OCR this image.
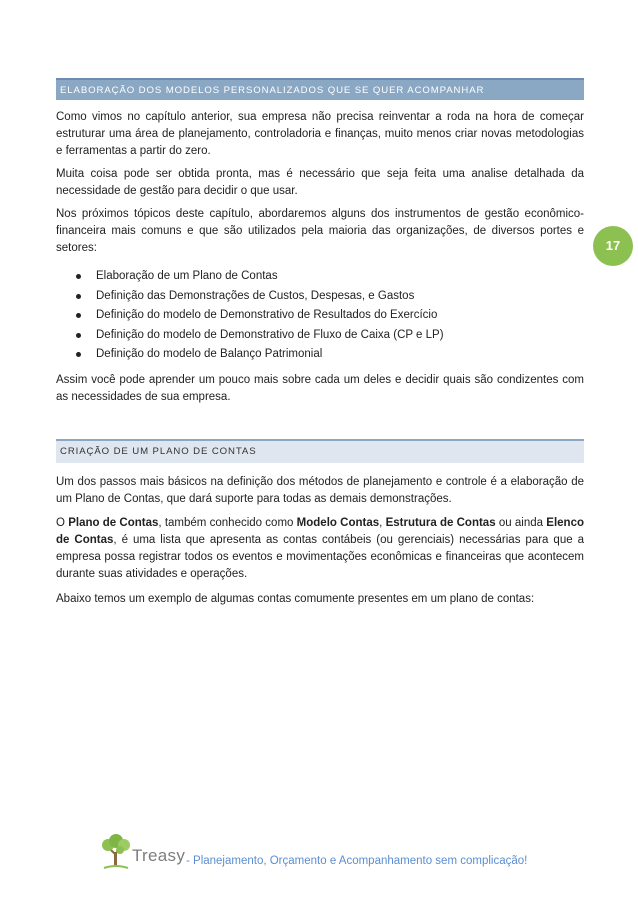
ELABORAÇÃO DOS MODELOS PERSONALIZADOS QUE SE QUER ACOMPANHAR

Como vimos no capítulo anterior, sua empresa não precisa reinventar a roda na hora de começar estruturar uma área de planejamento, controladoria e finanças, muito menos criar novas metodologias e ferramentas a partir do zero.

Muita coisa pode ser obtida pronta, mas é necessário que seja feita uma analise detalhada da necessidade de gestão para decidir o que usar.

Nos próximos tópicos deste capítulo, abordaremos alguns dos instrumentos de gestão econômico-financeira mais comuns e que são utilizados pela maioria das organizações, de diversos portes e setores:

Elaboração de um Plano de Contas
Definição das Demonstrações de Custos, Despesas, e Gastos
Definição do modelo de Demonstrativo de Resultados do Exercício
Definição do modelo de Demonstrativo de Fluxo de Caixa (CP e LP)
Definição do modelo de Balanço Patrimonial

Assim você pode aprender um pouco mais sobre cada um deles e decidir quais são condizentes com as necessidades de sua empresa.

17
CRIAÇÃO DE UM PLANO DE CONTAS

Um dos passos mais básicos na definição dos métodos de planejamento e controle é a elaboração de um Plano de Contas, que dará suporte para todas as demais demonstrações.

O Plano de Contas, também conhecido como Modelo Contas, Estrutura de Contas ou ainda Elenco de Contas, é uma lista que apresenta as contas contábeis (ou gerenciais) necessárias para que a empresa possa registrar todos os eventos e movimentações econômicas e financeiras que acontecem durante suas atividades e operações.

Abaixo temos um exemplo de algumas contas comumente presentes em um plano de contas:

Treasy - Planejamento, Orçamento e Acompanhamento sem complicação!
